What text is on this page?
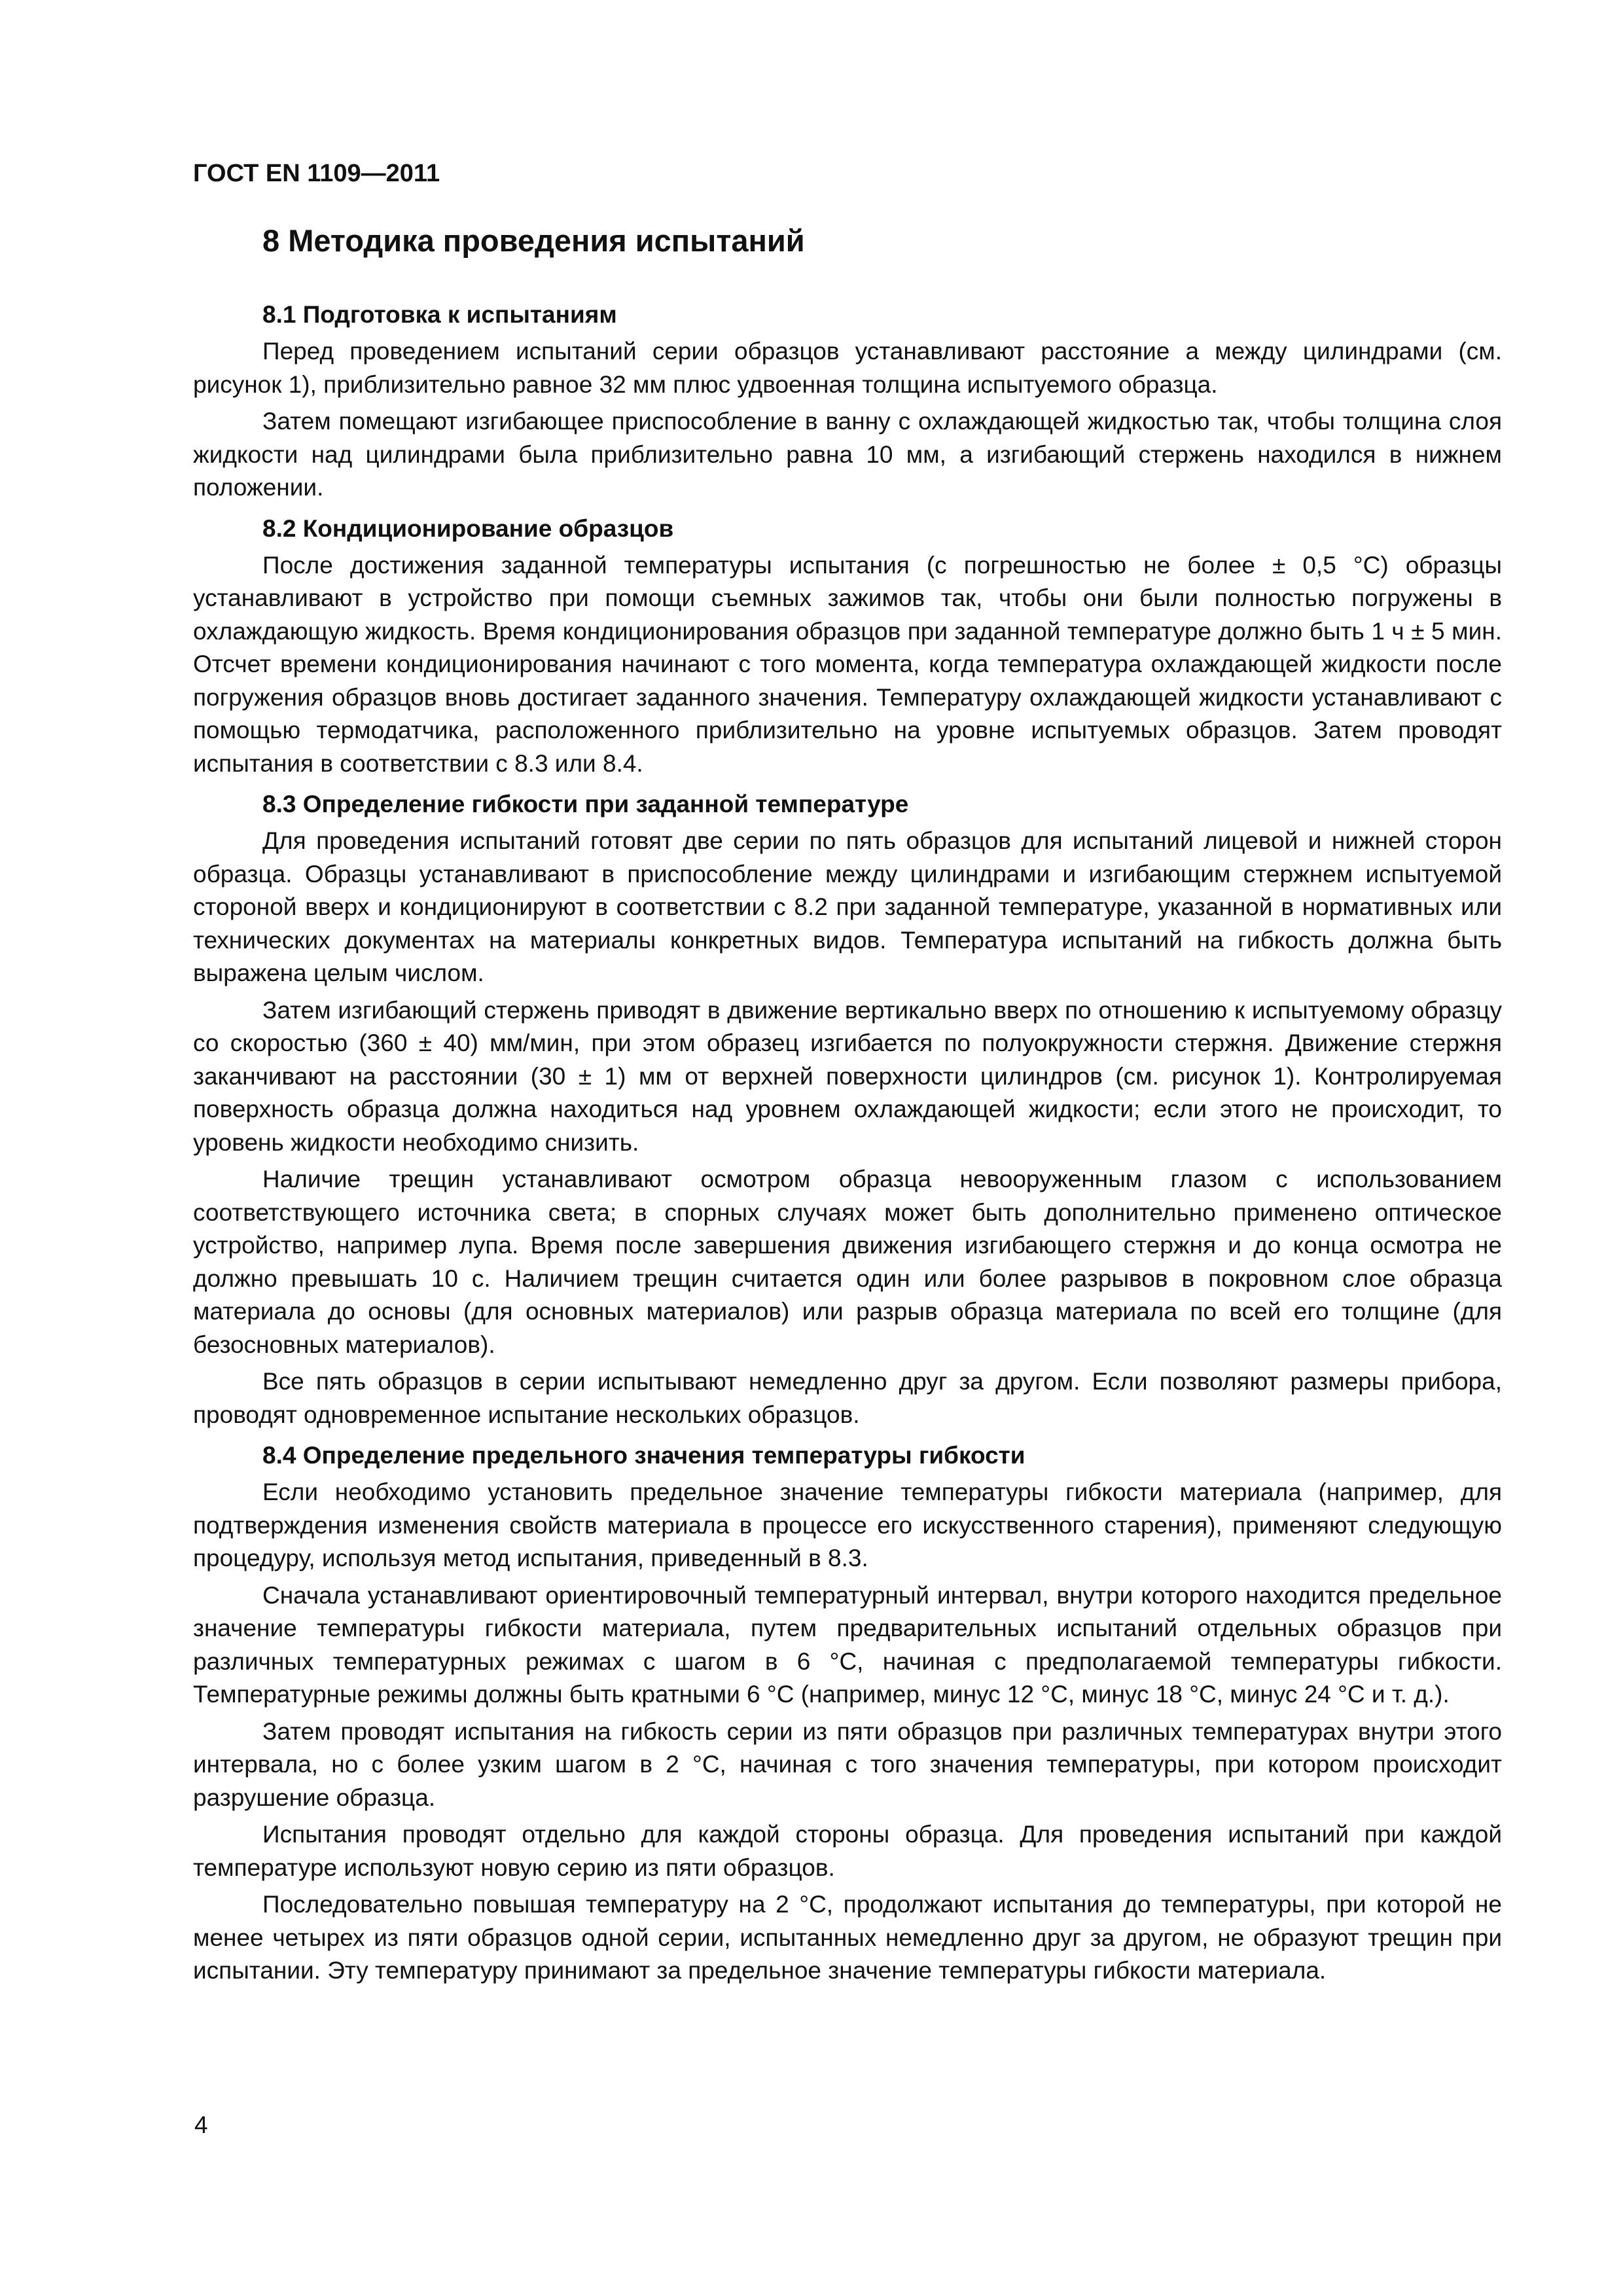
ГОСТ EN 1109—2011
8 Методика проведения испытаний
8.1 Подготовка к испытаниям

Перед проведением испытаний серии образцов устанавливают расстояние a между цилиндрами (см. рисунок 1), приблизительно равное 32 мм плюс удвоенная толщина испытуемого образца.

Затем помещают изгибающее приспособление в ванну с охлаждающей жидкостью так, чтобы толщина слоя жидкости над цилиндрами была приблизительно равна 10 мм, а изгибающий стержень находился в нижнем положении.

8.2 Кондиционирование образцов

После достижения заданной температуры испытания (с погрешностью не более ± 0,5 °С) образцы устанавливают в устройство при помощи съемных зажимов так, чтобы они были полностью погружены в охлаждающую жидкость. Время кондиционирования образцов при заданной температуре должно быть 1 ч ± 5 мин. Отсчет времени кондиционирования начинают с того момента, когда температура охлаждающей жидкости после погружения образцов вновь достигает заданного значения. Температуру охлаждающей жидкости устанавливают с помощью термодатчика, расположенного приблизительно на уровне испытуемых образцов. Затем проводят испытания в соответствии с 8.3 или 8.4.

8.3 Определение гибкости при заданной температуре

Для проведения испытаний готовят две серии по пять образцов для испытаний лицевой и нижней сторон образца. Образцы устанавливают в приспособление между цилиндрами и изгибающим стержнем испытуемой стороной вверх и кондиционируют в соответствии с 8.2 при заданной температуре, указанной в нормативных или технических документах на материалы конкретных видов. Температура испытаний на гибкость должна быть выражена целым числом.

Затем изгибающий стержень приводят в движение вертикально вверх по отношению к испытуемому образцу со скоростью (360 ± 40) мм/мин, при этом образец изгибается по полуокружности стержня. Движение стержня заканчивают на расстоянии (30 ± 1) мм от верхней поверхности цилиндров (см. рисунок 1). Контролируемая поверхность образца должна находиться над уровнем охлаждающей жидкости; если этого не происходит, то уровень жидкости необходимо снизить.

Наличие трещин устанавливают осмотром образца невооруженным глазом с использованием соответствующего источника света; в спорных случаях может быть дополнительно применено оптическое устройство, например лупа. Время после завершения движения изгибающего стержня и до конца осмотра не должно превышать 10 с. Наличием трещин считается один или более разрывов в покровном слое образца материала до основы (для основных материалов) или разрыв образца материала по всей его толщине (для безосновных материалов).

Все пять образцов в серии испытывают немедленно друг за другом. Если позволяют размеры прибора, проводят одновременное испытание нескольких образцов.

8.4 Определение предельного значения температуры гибкости

Если необходимо установить предельное значение температуры гибкости материала (например, для подтверждения изменения свойств материала в процессе его искусственного старения), применяют следующую процедуру, используя метод испытания, приведенный в 8.3.

Сначала устанавливают ориентировочный температурный интервал, внутри которого находится предельное значение температуры гибкости материала, путем предварительных испытаний отдельных образцов при различных температурных режимах с шагом в 6 °С, начиная с предполагаемой температуры гибкости. Температурные режимы должны быть кратными 6 °С (например, минус 12 °С, минус 18 °С, минус 24 °С и т. д.).

Затем проводят испытания на гибкость серии из пяти образцов при различных температурах внутри этого интервала, но с более узким шагом в 2 °С, начиная с того значения температуры, при котором происходит разрушение образца.

Испытания проводят отдельно для каждой стороны образца. Для проведения испытаний при каждой температуре используют новую серию из пяти образцов.

Последовательно повышая температуру на 2 °С, продолжают испытания до температуры, при которой не менее четырех из пяти образцов одной серии, испытанных немедленно друг за другом, не образуют трещин при испытании. Эту температуру принимают за предельное значение температуры гибкости материала.

4
